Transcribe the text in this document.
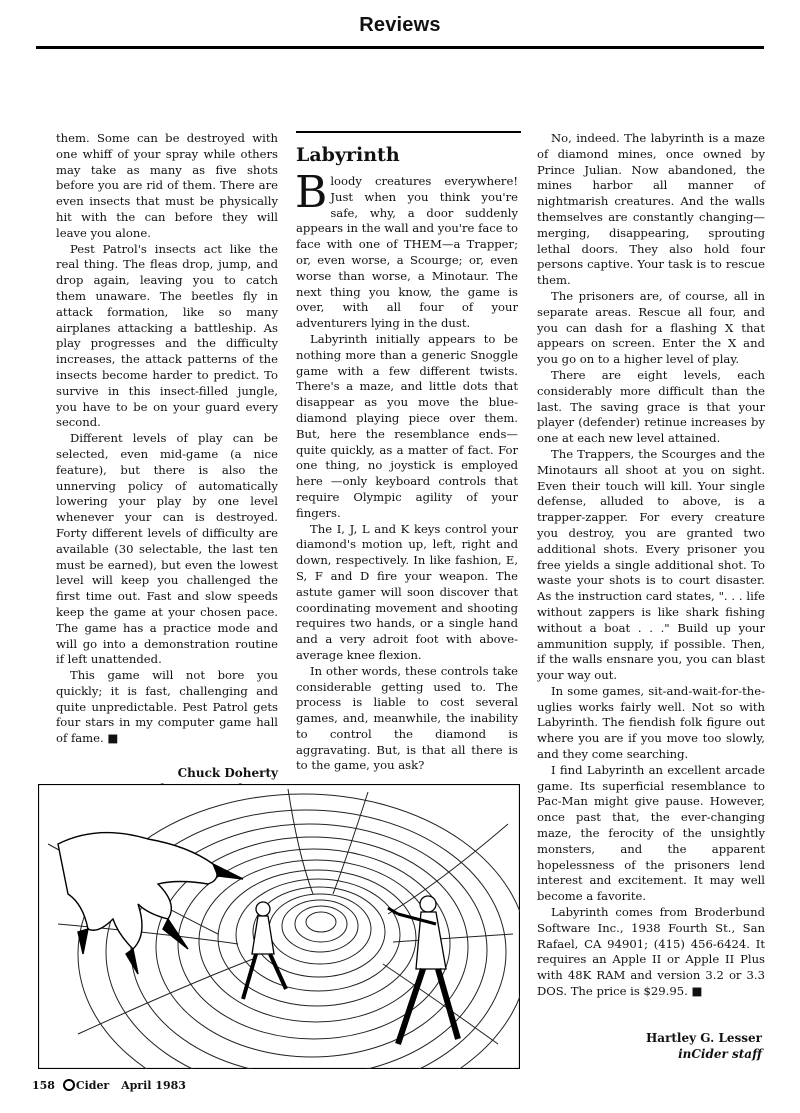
Reviews

them. Some can be destroyed with one whiff of your spray while others may take as many as five shots before you are rid of them. There are even insects that must be physically hit with the can before they will leave you alone.

Pest Patrol's insects act like the real thing. The fleas drop, jump, and drop again, leaving you to catch them unaware. The beetles fly in attack formation, like so many airplanes attacking a battleship. As play progresses and the difficulty increases, the attack patterns of the insects become harder to predict. To survive in this insect-filled jungle, you have to be on your guard every second.

Different levels of play can be selected, even mid-game (a nice feature), but there is also the unnerving policy of automatically lowering your play by one level whenever your can is destroyed. Forty different levels of difficulty are available (30 selectable, the last ten must be earned), but even the lowest level will keep you challenged the first time out. Fast and slow speeds keep the game at your chosen pace. The game has a practice mode and will go into a demonstration routine if left unattended.

This game will not bore you quickly; it is fast, challenging and quite unpredictable. Pest Patrol gets four stars in my computer game hall of fame. ■

Chuck Doherty
Labyrinth

Bloody creatures everywhere! Just when you think you're safe, why, a door suddenly appears in the wall and you're face to face with one of THEM—a Trapper; or, even worse, a Scourge; or, even worse than worse, a Minotaur. The next thing you know, the game is over, with all four of your adventurers lying in the dust.

Labyrinth initially appears to be nothing more than a generic Snoggle game with a few different twists. There's a maze, and little dots that disappear as you move the blue-diamond playing piece over them. But, here the resemblance ends—quite quickly, as a matter of fact. For one thing, no joystick is employed here —only keyboard controls that require Olympic agility of your fingers.

The I, J, L and K keys control your diamond's motion up, left, right and down, respectively. In like fashion, E, S, F and D fire your weapon. The astute gamer will soon discover that coordinating movement and shooting requires two hands, or a single hand and a very adroit foot with above-average knee flexion.

In other words, these controls take considerable getting used to. The process is liable to cost several games, and, meanwhile, the inability to control the diamond is aggravating. But, is that all there is to the game, you ask?

No, indeed. The labyrinth is a maze of diamond mines, once owned by Prince Julian. Now abandoned, the mines harbor all manner of nightmarish creatures. And the walls themselves are constantly changing—merging, disappearing, sprouting lethal doors. They also hold four persons captive. Your task is to rescue them.

The prisoners are, of course, all in separate areas. Rescue all four, and you can dash for a flashing X that appears on screen. Enter the X and you go on to a higher level of play.

There are eight levels, each considerably more difficult than the last. The saving grace is that your player (defender) retinue increases by one at each new level attained.

The Trappers, the Scourges and the Minotaurs all shoot at you on sight. Even their touch will kill. Your single defense, alluded to above, is a trapper-zapper. For every creature you destroy, you are granted two additional shots. Every prisoner you free yields a single additional shot. To waste your shots is to court disaster. As the instruction card states, ". . . life without zappers is like shark fishing without a boat . . ." Build up your ammunition supply, if possible. Then, if the walls ensnare you, you can blast your way out.

In some games, sit-and-wait-for-the-uglies works fairly well. Not so with Labyrinth. The fiendish folk figure out where you are if you move too slowly, and they come searching.

I find Labyrinth an excellent arcade game. Its superficial resemblance to Pac-Man might give pause. However, once past that, the ever-changing maze, the ferocity of the unsightly monsters, and the apparent hopelessness of the prisoners lend interest and excitement. It may well become a favorite.

Labyrinth comes from Broderbund Software Inc., 1938 Fourth St., San Rafael, CA 94901; (415) 456-6424. It requires an Apple II or Apple II Plus with 48K RAM and version 3.2 or 3.3 DOS. The price is $29.95. ■

Hartley G. Lesser
inCider staff
158 Cider April 1983
